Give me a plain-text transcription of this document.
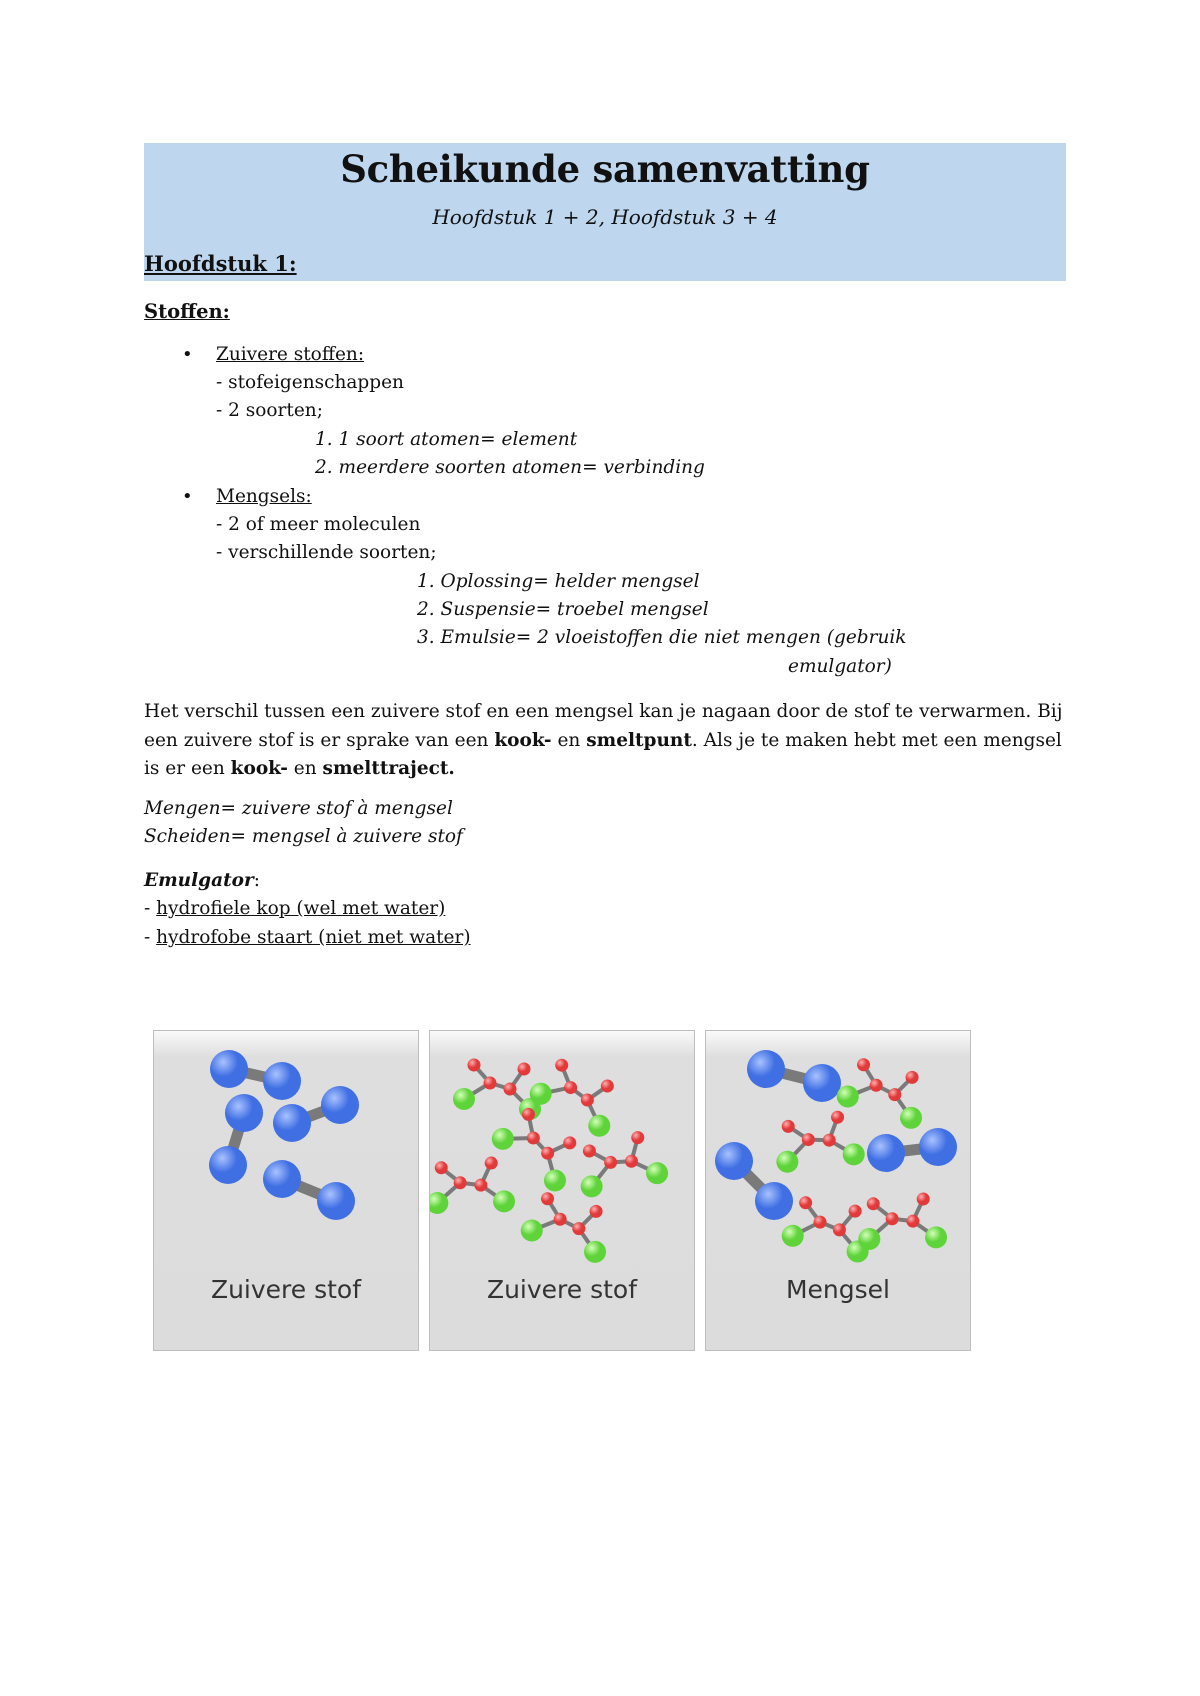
Scheikunde samenvatting
Hoofdstuk 1 + 2, Hoofdstuk 3 + 4
Hoofdstuk 1:
Stoffen:
• Zuivere stoffen:
- stofeigenschappen
- 2 soorten;
1. 1 soort atomen= element
2. meerdere soorten atomen= verbinding
• Mengsels:
- 2 of meer moleculen
- verschillende soorten;
1. Oplossing= helder mengsel
2. Suspensie= troebel mengsel
3. Emulsie= 2 vloeistoffen die niet mengen (gebruik
emulgator)
Het verschil tussen een zuivere stof en een mengsel kan je nagaan door de stof te verwarmen. Bij een zuivere stof is er sprake van een kook- en smeltpunt. Als je te maken hebt met een mengsel is er een kook- en smelttraject.
Mengen= zuivere stof à mengsel
Scheiden= mengsel à zuivere stof
Emulgator:
- hydrofiele kop (wel met water)
- hydrofobe staart (niet met water)
Zuivere stof	Zuivere stof	Mengsel
